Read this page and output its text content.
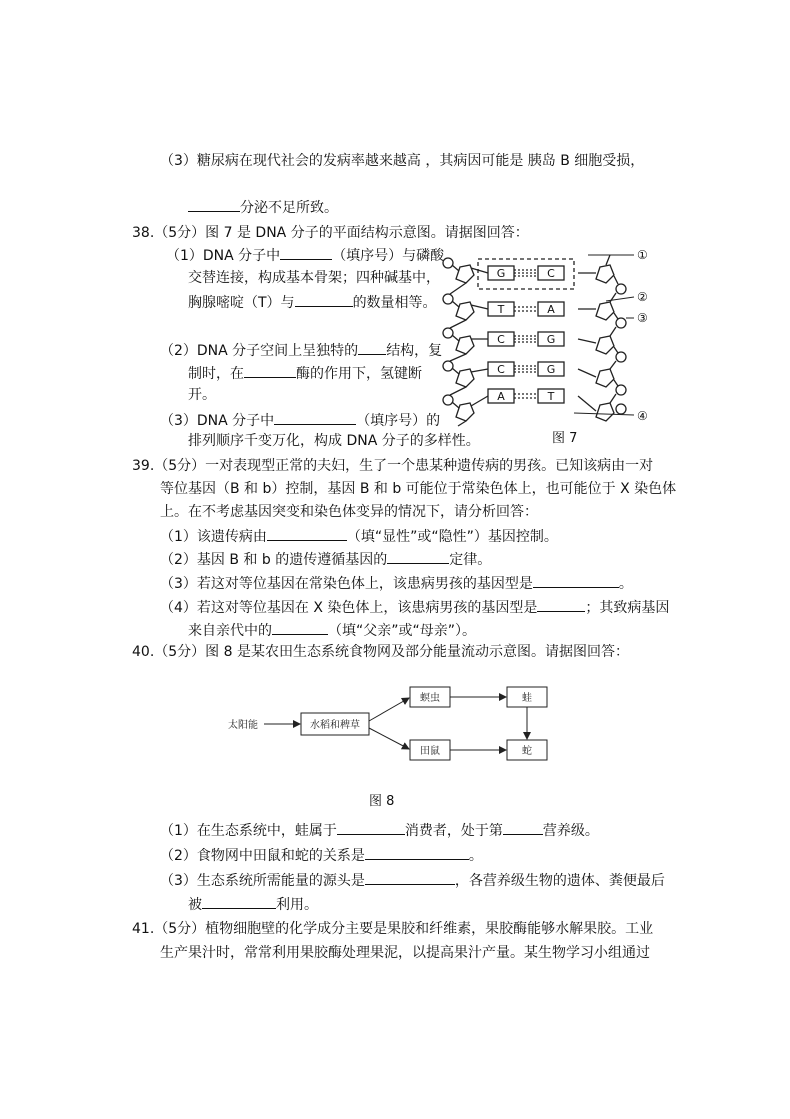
（3）糖尿病在现代社会的发病率越来越高 ，其病因可能是 胰岛 B 细胞受损，
分泌不足所致。
38.（5分）图 7 是 DNA 分子的平面结构示意图。请据图回答：
（1）DNA 分子中	（填序号）与磷酸
交替连接，构成基本骨架；四种碱基中，
胸腺嘧啶（T）与	的数量相等。
（2）DNA 分子空间上呈独特的 结构，复
制时，在	酶的作用下，氢键断
开。
（3）DNA 分子中	（填序号）的
排列顺序千变万化，构成 DNA 分子的多样性。
G	C
T	A
C	G
C	G
A	T
①
②
③
④
图 7
39.（5分）一对表现型正常的夫妇，生了一个患某种遗传病的男孩。已知该病由一对
等位基因（B 和 b）控制，基因 B 和 b 可能位于常染色体上，也可能位于 X 染色体
上。在不考虑基因突变和染色体变异的情况下，请分析回答：
（1）该遗传病由	（填“显性”或“隐性”）基因控制。
（2）基因 B 和 b 的遗传遵循基因的	定律。
（3）若这对等位基因在常染色体上，该患病男孩的基因型是	。
（4）若这对等位基因在 X 染色体上，该患病男孩的基因型是	；其致病基因
来自亲代中的	（填“父亲”或“母亲”）。
40.（5分）图 8 是某农田生态系统食物网及部分能量流动示意图。请据图回答：
太阳能	水稻和稗草
螟虫	蛙
田鼠	蛇
图 8
（1）在生态系统中，蛙属于	消费者，处于第	营养级。
（2）食物网中田鼠和蛇的关系是	。
（3）生态系统所需能量的源头是	，各营养级生物的遗体、粪便最后
被	利用。
41.（5分）植物细胞壁的化学成分主要是果胶和纤维素，果胶酶能够水解果胶。工业
生产果汁时，常常利用果胶酶处理果泥，以提高果汁产量。某生物学习小组通过
